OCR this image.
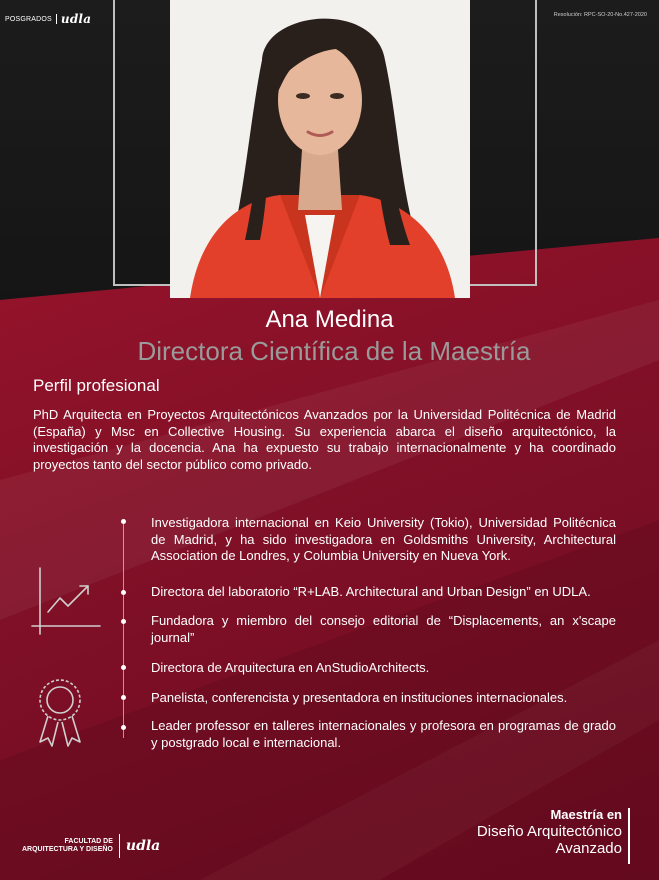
POSGRADOS udla	Resolución: RPC-SO-20-No.427-2020
Ana Medina
Directora Científica de la Maestría
Perfil profesional
PhD Arquitecta en Proyectos Arquitectónicos Avanzados por la Universidad Politécnica de Madrid (España) y Msc en Collective Housing. Su experiencia abarca el diseño arquitectónico, la investigación y la docencia. Ana ha expuesto su trabajo internacionalmente y ha coordinado proyectos tanto del sector público como privado.
Investigadora internacional en Keio University (Tokio), Universidad Politécnica de Madrid, y ha sido investigadora en Goldsmiths University, Architectural Association de Londres, y Columbia University en Nueva York.
Directora del laboratorio “R+LAB. Architectural and Urban Design” en UDLA.
Fundadora y miembro del consejo editorial de “Displacements, an x'scape journal”
Directora de Arquitectura en AnStudioArchitects.
Panelista, conferencista y presentadora en instituciones internacionales.
Leader professor en talleres internacionales y profesora en programas de grado y postgrado local e internacional.
FACULTAD DE
ARQUITECTURA Y DISEÑO udla
Maestría en
Diseño Arquitectónico
Avanzado
